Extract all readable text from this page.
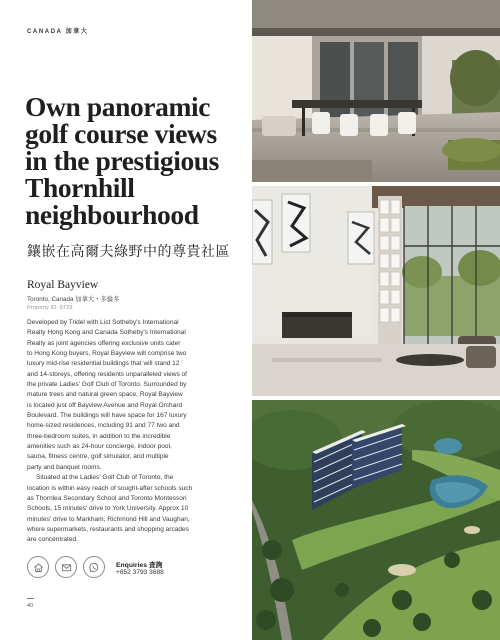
CANADA 加拿大
Own panoramic
golf course views
in the prestigious
Thornhill
neighbourhood
鑲嵌在高爾夫綠野中的尊貴社區
Royal Bayview
Toronto, Canada 加拿大・多倫多
Property ID: 9729
Developed by Tridel with List Sotheby's International
Realty Hong Kong and Canada Sotheby's International
Realty as joint agencies offering exclusive units cater
to Hong Kong buyers, Royal Bayview will comprise two
luxury mid-rise residential buildings that will stand 12
and 14-storeys, offering residents unparalleled views of
the private Ladies' Golf Club of Toronto. Surrounded by
mature trees and natural green space, Royal Bayview
is located just off Bayview Avenue and Royal Orchard
Boulevard. The buildings will have space for 167 luxury
home-sized residences, including 91 and 77 two and
three-bedroom suites, in addition to the incredible
amenities such as 24-hour concierge, indoor pool,
sauna, fitness centre, golf simulator, and multiple
party and banquet rooms.
Situated at the Ladies' Golf Club of Toronto, the
location is within easy reach of sought-after schools such
as Thornlea Secondary School and Toronto Montessori
Schools, 15 minutes' drive to York University. Approx 10
minutes' drive to Markham, Richmond Hill and Vaughan,
where supermarkets, restaurants and shopping arcades
are concentrated.
Enquiries 查詢
+852 3793 3688
40
